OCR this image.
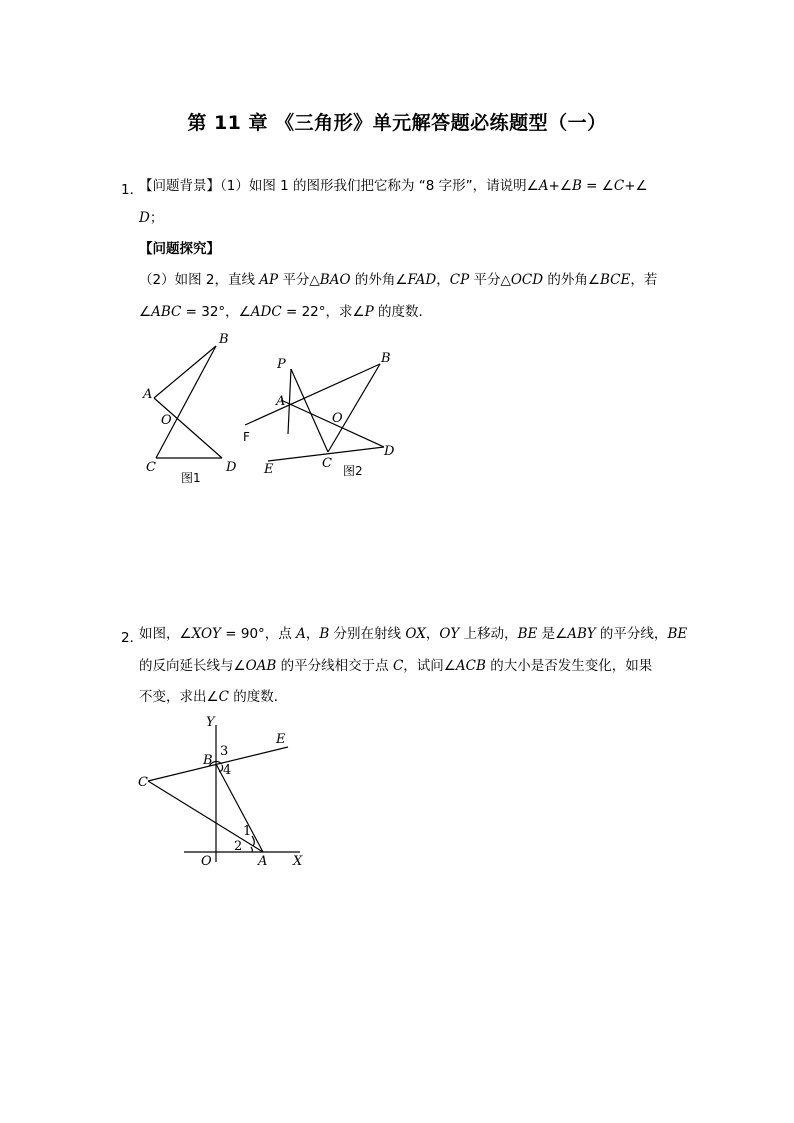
第 11 章 《三角形》单元解答题必练题型（一）
1．
【问题背景】（1）如图 1 的图形我们把它称为 “8 字形”，请说明∠A+∠B = ∠C+∠
D；
【问题探究】
（2）如图 2，直线 AP 平分△BAO 的外角∠FAD，CP 平分△OCD 的外角∠BCE，若
∠ABC = 32°，∠ADC = 22°，求∠P 的度数．
B
A
O
C	D
图1
P	B
A
O
F
D
C
E	图2
Y
E
B
3
4
C
1
2
O	A X
2．
如图，∠XOY = 90°，点 A，B 分别在射线 OX，OY 上移动，BE 是∠ABY 的平分线，BE
的反向延长线与∠OAB 的平分线相交于点 C，试问∠ACB 的大小是否发生变化，如果
不变，求出∠C 的度数．
